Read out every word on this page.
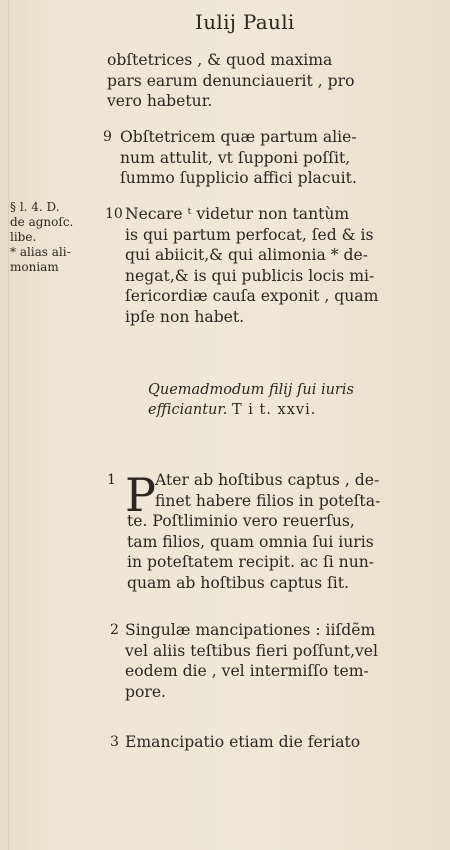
Iulij Pauli
§ l. 4. D.
de agnoſc.
libe.
* alias ali-
moniam
obſtetrices , & quod maxima
pars earum denunciauerit , pro
vero habetur.
9 Obſtetricem quæ partum alie-
num attulit, vt ſupponi poſſit,
ſummo ſupplicio affici placuit.
10 Necare ᵗ videtur non tantùm
is qui partum perfocat, ſed & is
qui abiicit,& qui alimonia * de-
negat,& is qui publicis locis mi-
ſericordiæ cauſa exponit , quam
ipſe non habet.
Quemadmodum filij ſui iuris
efficiantur. T i t. xxvi.
P
1	Ater ab hoſtibus captus , de-
finet habere filios in poteſta-
te. Poſtliminio vero reuerſus,
tam filios, quam omnia ſui iuris
in poteſtatem recipit. ac ſi nun-
quam ab hoſtibus captus ſit.
2 Singulæ mancipationes : iiſdẽm
vel aliis teſtibus fieri poſſunt,vel
eodem die , vel intermiſſo tem-
pore.
3 Emancipatio etiam die feriato
